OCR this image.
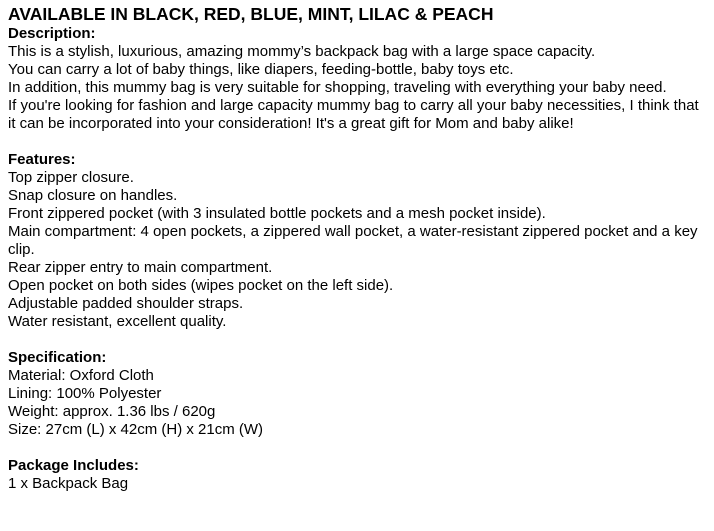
AVAILABLE IN BLACK, RED, BLUE, MINT, LILAC & PEACH
Description:
This is a stylish, luxurious, amazing mommy’s backpack bag with a large space capacity.
You can carry a lot of baby things, like diapers, feeding-bottle, baby toys etc.
In addition, this mummy bag is very suitable for shopping, traveling with everything your baby need.
If you're looking for fashion and large capacity mummy bag to carry all your baby necessities, I think that it can be incorporated into your consideration! It's a great gift for Mom and baby alike!
Features:
Top zipper closure.
Snap closure on handles.
Front zippered pocket (with 3 insulated bottle pockets and a mesh pocket inside).
Main compartment: 4 open pockets, a zippered wall pocket, a water-resistant zippered pocket and a key clip.
Rear zipper entry to main compartment.
Open pocket on both sides (wipes pocket on the left side).
Adjustable padded shoulder straps.
Water resistant, excellent quality.
Specification:
Material: Oxford Cloth
Lining: 100% Polyester
Weight: approx. 1.36 lbs / 620g
Size: 27cm (L) x 42cm (H) x 21cm (W)
Package Includes:
1 x Backpack Bag
